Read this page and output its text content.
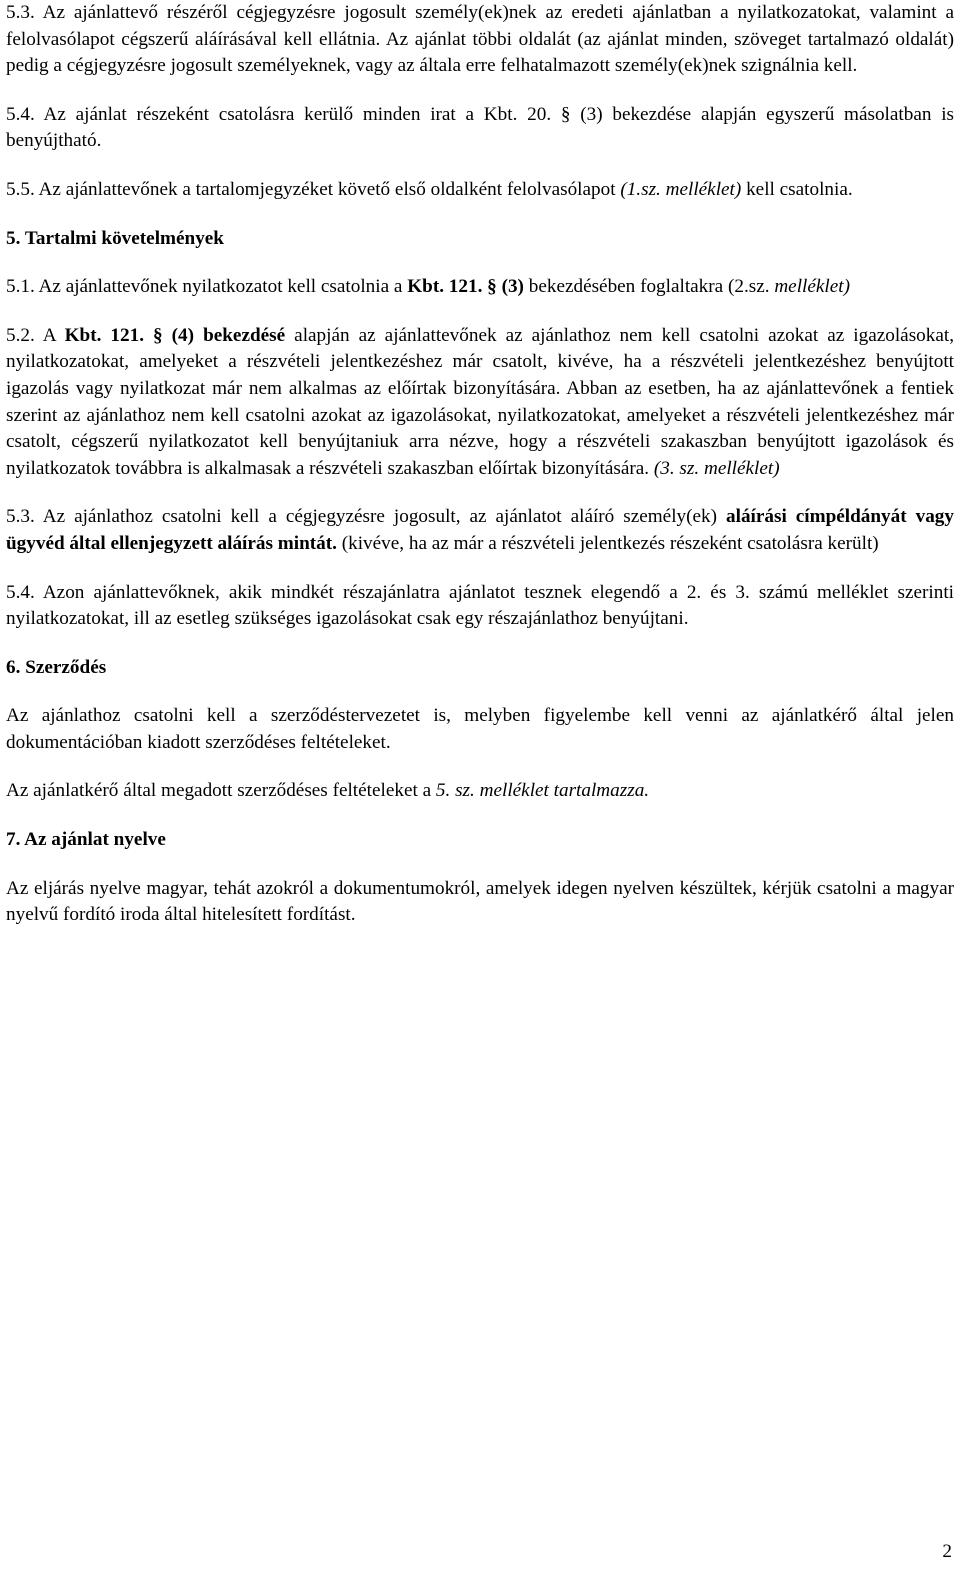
5.3. Az ajánlattevő részéről cégjegyzésre jogosult személy(ek)nek az eredeti ajánlatban a nyilatkozatokat, valamint a felolvasólapot cégszerű aláírásával kell ellátnia. Az ajánlat többi oldalát (az ajánlat minden, szöveget tartalmazó oldalát) pedig a cégjegyzésre jogosult személyeknek, vagy az általa erre felhatalmazott személy(ek)nek szignálnia kell.

5.4. Az ajánlat részeként csatolásra kerülő minden irat a Kbt. 20. § (3) bekezdése alapján egyszerű másolatban is benyújtható.

5.5. Az ajánlattevőnek a tartalomjegyzéket követő első oldalként felolvasólapot (1.sz. melléklet) kell csatolnia.

5. Tartalmi követelmények

5.1. Az ajánlattevőnek nyilatkozatot kell csatolnia a Kbt. 121. § (3) bekezdésében foglaltakra (2.sz. melléklet)

5.2. A Kbt. 121. § (4) bekezdésé alapján az ajánlattevőnek az ajánlathoz nem kell csatolni azokat az igazolásokat, nyilatkozatokat, amelyeket a részvételi jelentkezéshez már csatolt, kivéve, ha a részvételi jelentkezéshez benyújtott igazolás vagy nyilatkozat már nem alkalmas az előírtak bizonyítására. Abban az esetben, ha az ajánlattevőnek a fentiek szerint az ajánlathoz nem kell csatolni azokat az igazolásokat, nyilatkozatokat, amelyeket a részvételi jelentkezéshez már csatolt, cégszerű nyilatkozatot kell benyújtaniuk arra nézve, hogy a részvételi szakaszban benyújtott igazolások és nyilatkozatok továbbra is alkalmasak a részvételi szakaszban előírtak bizonyítására. (3. sz. melléklet)

5.3. Az ajánlathoz csatolni kell a cégjegyzésre jogosult, az ajánlatot aláíró személy(ek) aláírási címpéldányát vagy ügyvéd által ellenjegyzett aláírás mintát. (kivéve, ha az már a részvételi jelentkezés részeként csatolásra került)

5.4. Azon ajánlattevőknek, akik mindkét részajánlatra ajánlatot tesznek elegendő a 2. és 3. számú melléklet szerinti nyilatkozatokat, ill az esetleg szükséges igazolásokat csak egy részajánlathoz benyújtani.

6. Szerződés

Az ajánlathoz csatolni kell a szerződéstervezetet is, melyben figyelembe kell venni az ajánlatkérő által jelen dokumentációban kiadott szerződéses feltételeket.

Az ajánlatkérő által megadott szerződéses feltételeket a 5. sz. melléklet tartalmazza.

7. Az ajánlat nyelve

Az eljárás nyelve magyar, tehát azokról a dokumentumokról, amelyek idegen nyelven készültek, kérjük csatolni a magyar nyelvű fordító iroda által hitelesített fordítást.

2
